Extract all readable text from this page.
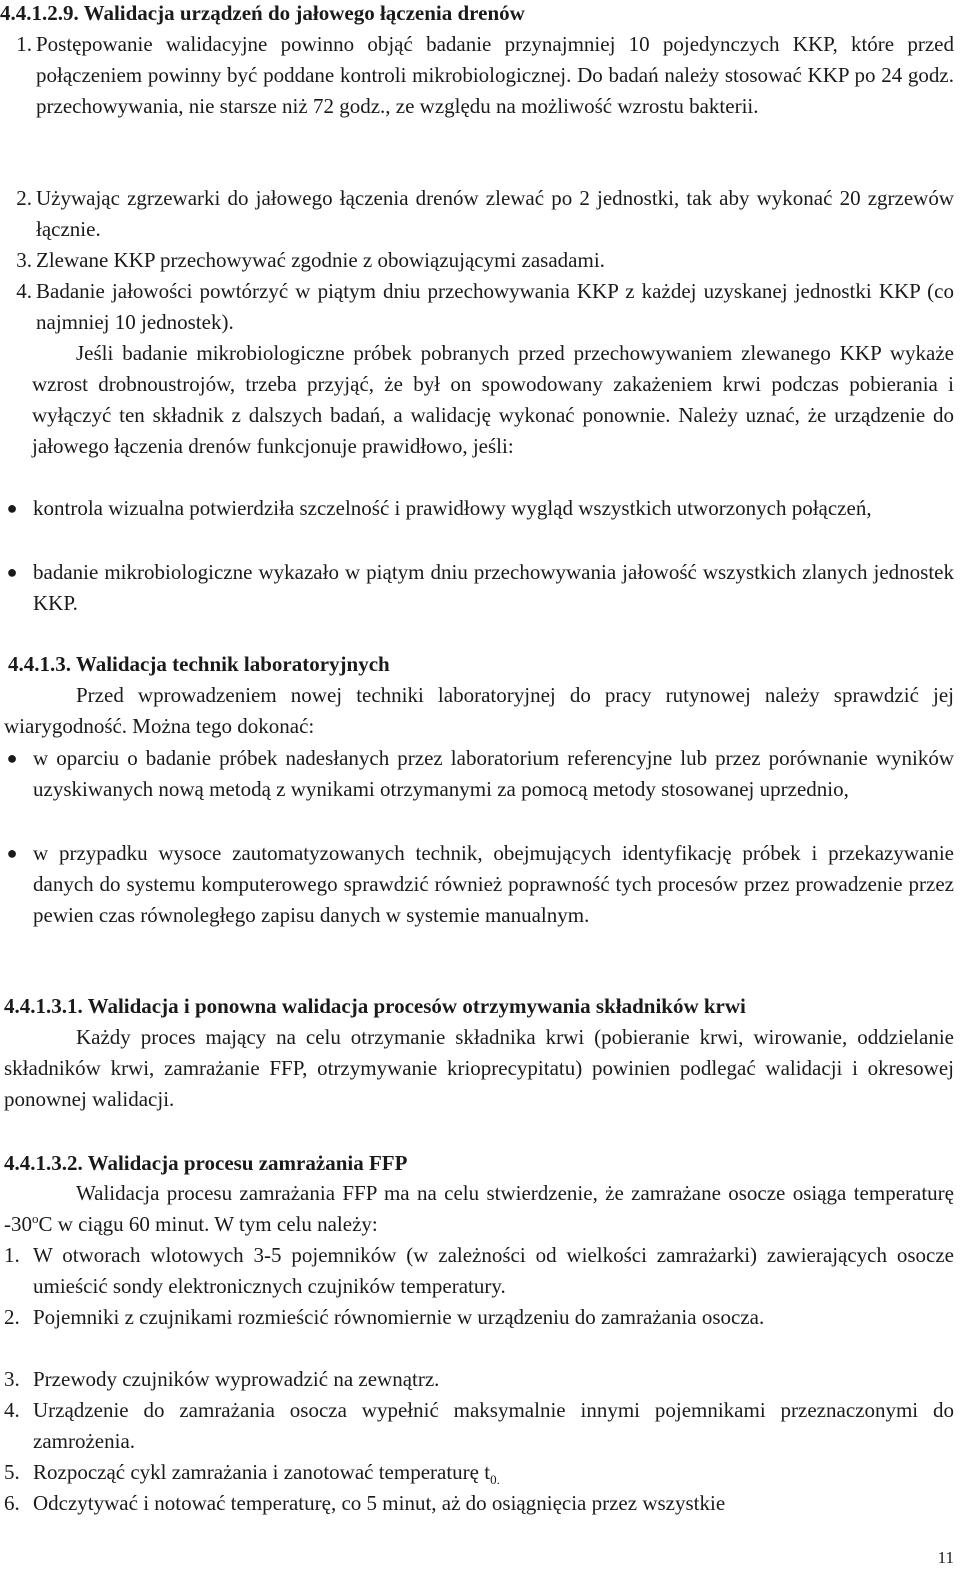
4.4.1.2.9. Walidacja urządzeń do jałowego łączenia drenów
1. Postępowanie walidacyjne powinno objąć badanie przynajmniej 10 pojedynczych KKP, które przed połączeniem powinny być poddane kontroli mikrobiologicznej. Do badań należy stosować KKP po 24 godz. przechowywania, nie starsze niż 72 godz., ze względu na możliwość wzrostu bakterii.
2. Używając zgrzewarki do jałowego łączenia drenów zlewać po 2 jednostki, tak aby wykonać 20 zgrzewów łącznie.
3. Zlewane KKP przechowywać zgodnie z obowiązującymi zasadami.
4. Badanie jałowości powtórzyć w piątym dniu przechowywania KKP z każdej uzyskanej jednostki KKP (co najmniej 10 jednostek).
Jeśli badanie mikrobiologiczne próbek pobranych przed przechowywaniem zlewanego KKP wykaże wzrost drobnoustrojów, trzeba przyjąć, że był on spowodowany zakażeniem krwi podczas pobierania i wyłączyć ten składnik z dalszych badań, a walidację wykonać ponownie. Należy uznać, że urządzenie do jałowego łączenia drenów funkcjonuje prawidłowo, jeśli:
● kontrola wizualna potwierdziła szczelność i prawidłowy wygląd wszystkich utworzonych połączeń,
● badanie mikrobiologiczne wykazało w piątym dniu przechowywania jałowość wszystkich zlanych jednostek KKP.
4.4.1.3. Walidacja technik laboratoryjnych
Przed wprowadzeniem nowej techniki laboratoryjnej do pracy rutynowej należy sprawdzić jej wiarygodność. Można tego dokonać:
● w oparciu o badanie próbek nadesłanych przez laboratorium referencyjne lub przez porównanie wyników uzyskiwanych nową metodą z wynikami otrzymanymi za pomocą metody stosowanej uprzednio,
● w przypadku wysoce zautomatyzowanych technik, obejmujących identyfikację próbek i przekazywanie danych do systemu komputerowego sprawdzić również poprawność tych procesów przez prowadzenie przez pewien czas równoległego zapisu danych w systemie manualnym.
4.4.1.3.1. Walidacja i ponowna walidacja procesów otrzymywania składników krwi
Każdy proces mający na celu otrzymanie składnika krwi (pobieranie krwi, wirowanie, oddzielanie składników krwi, zamrażanie FFP, otrzymywanie krioprecypitatu) powinien podlegać walidacji i okresowej ponownej walidacji.
4.4.1.3.2. Walidacja procesu zamrażania FFP
Walidacja procesu zamrażania FFP ma na celu stwierdzenie, że zamrażane osocze osiąga temperaturę -30$^o$C w ciągu 60 minut. W tym celu należy:
1. W otworach wlotowych 3-5 pojemników (w zależności od wielkości zamrażarki) zawierających osocze umieścić sondy elektronicznych czujników temperatury.
2. Pojemniki z czujnikami rozmieścić równomiernie w urządzeniu do zamrażania osocza.
3. Przewody czujników wyprowadzić na zewnątrz.
4. Urządzenie do zamrażania osocza wypełnić maksymalnie innymi pojemnikami przeznaczonymi do zamrożenia.
5. Rozpocząć cykl zamrażania i zanotować temperaturę $t_{0.}$
6. Odczytywać i notować temperaturę, co 5 minut, aż do osiągnięcia przez wszystkie
11
